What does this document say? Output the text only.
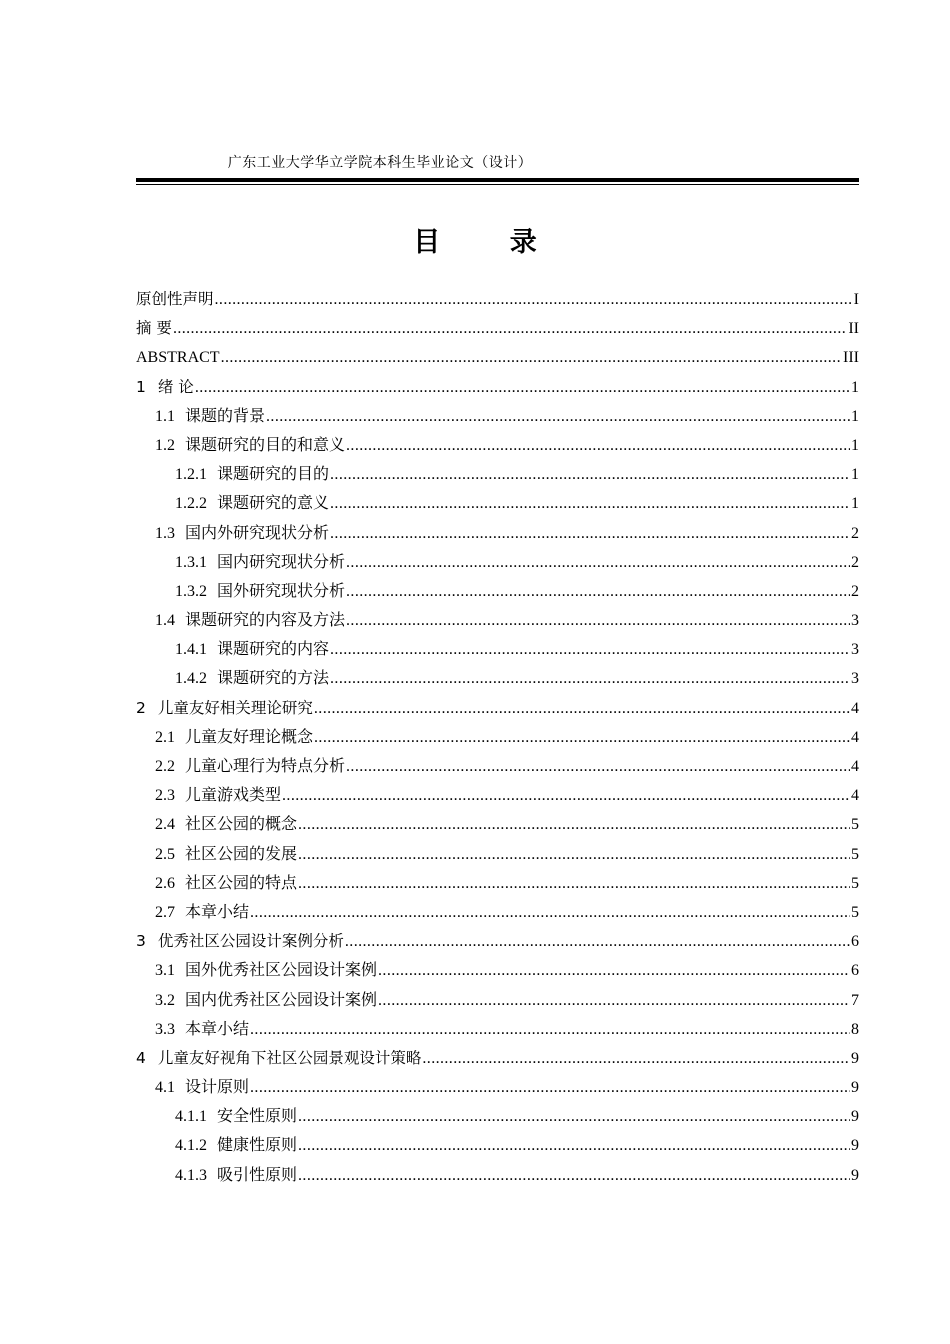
广东工业大学华立学院本科生毕业论文（设计）
目 录
原创性声明 .....	I
摘 要 .....	II
ABSTRACT .....	III
1 绪 论 .....	1
1.1 课题的背景 .....	1
1.2 课题研究的目的和意义 .....	1
1.2.1 课题研究的目的 .....	1
1.2.2 课题研究的意义 .....	1
1.3 国内外研究现状分析 .....	2
1.3.1 国内研究现状分析 .....	2
1.3.2 国外研究现状分析 .....	2
1.4 课题研究的内容及方法 .....	3
1.4.1 课题研究的内容 .....	3
1.4.2 课题研究的方法 .....	3
2 儿童友好相关理论研究 .....	4
2.1 儿童友好理论概念 .....	4
2.2 儿童心理行为特点分析 .....	4
2.3 儿童游戏类型 .....	4
2.4 社区公园的概念 .....	5
2.5 社区公园的发展 .....	5
2.6 社区公园的特点 .....	5
2.7 本章小结 .....	5
3 优秀社区公园设计案例分析 .....	6
3.1 国外优秀社区公园设计案例 .....	6
3.2 国内优秀社区公园设计案例 .....	7
3.3 本章小结 .....	8
4 儿童友好视角下社区公园景观设计策略 .....	9
4.1 设计原则 .....	9
4.1.1 安全性原则 .....	9
4.1.2 健康性原则 .....	9
4.1.3 吸引性原则 .....	9
